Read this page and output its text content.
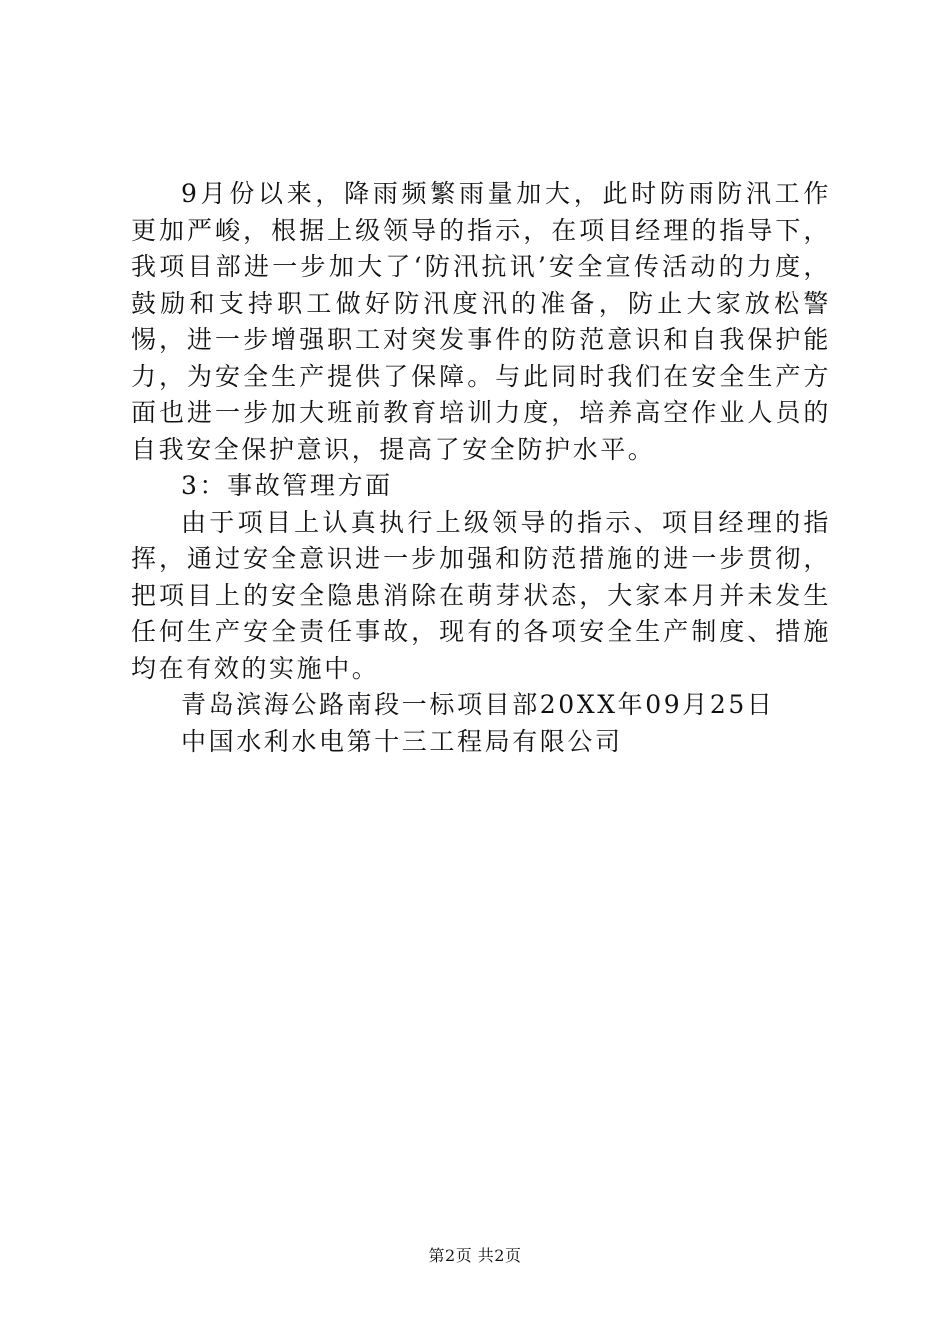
9月份以来，降雨频繁雨量加大，此时防雨防汛工作更加严峻，根据上级领导的指示，在项目经理的指导下，我项目部进一步加大了‘防汛抗讯’安全宣传活动的力度，鼓励和支持职工做好防汛度汛的准备，防止大家放松警惕，进一步增强职工对突发事件的防范意识和自我保护能力，为安全生产提供了保障。与此同时我们在安全生产方面也进一步加大班前教育培训力度，培养高空作业人员的自我安全保护意识，提高了安全防护水平。

3：事故管理方面

由于项目上认真执行上级领导的指示、项目经理的指挥，通过安全意识进一步加强和防范措施的进一步贯彻，把项目上的安全隐患消除在萌芽状态，大家本月并未发生任何生产安全责任事故，现有的各项安全生产制度、措施均在有效的实施中。

青岛滨海公路南段一标项目部20XX年09月25日

中国水利水电第十三工程局有限公司

第2页 共2页
